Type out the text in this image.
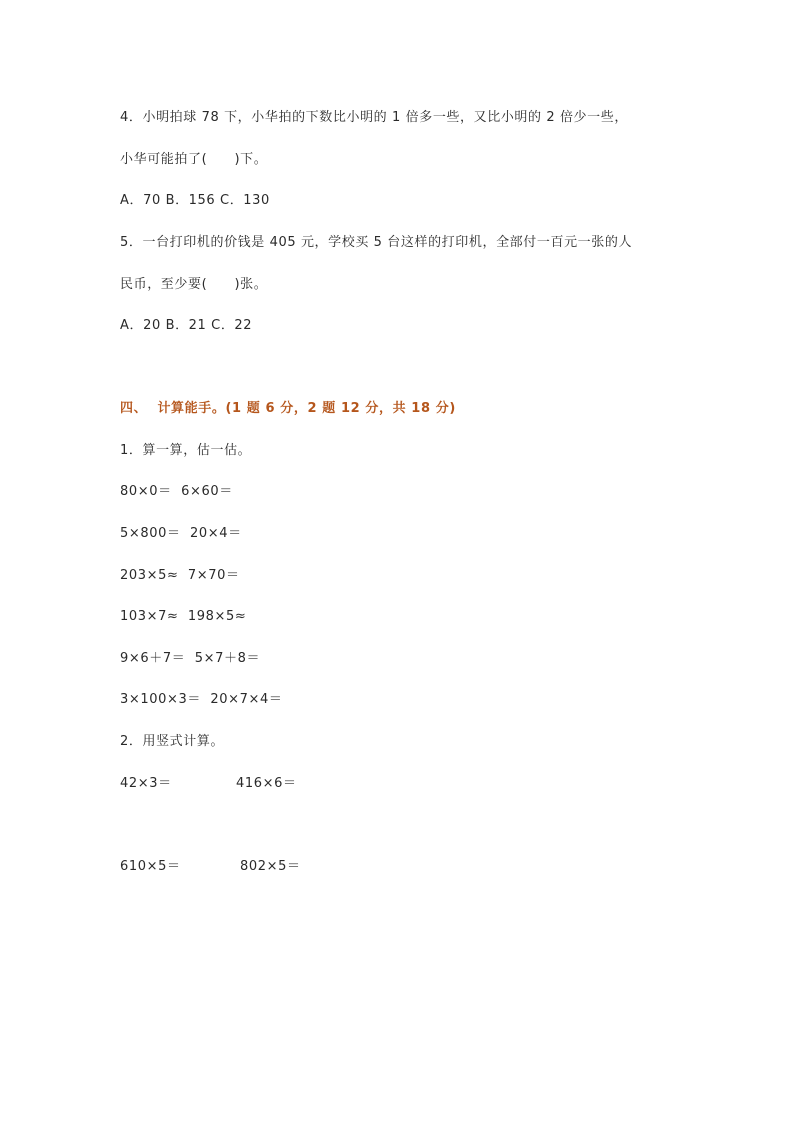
4．小明拍球 78 下，小华拍的下数比小明的 1 倍多一些，又比小明的 2 倍少一些，
小华可能拍了(　　)下。
A．70 B．156 C．130
5．一台打印机的价钱是 405 元，学校买 5 台这样的打印机，全部付一百元一张的人
民币，至少要(　　)张。
A．20 B．21 C．22
四、  计算能手。(1 题 6 分，2 题 12 分，共 18 分)
1．算一算，估一估。
80×0＝  6×60＝
5×800＝  20×4＝
203×5≈  7×70＝
103×7≈  198×5≈
9×6＋7＝  5×7＋8＝
3×100×3＝  20×7×4＝
2．用竖式计算。
42×3＝	416×6＝
610×5＝	802×5＝
